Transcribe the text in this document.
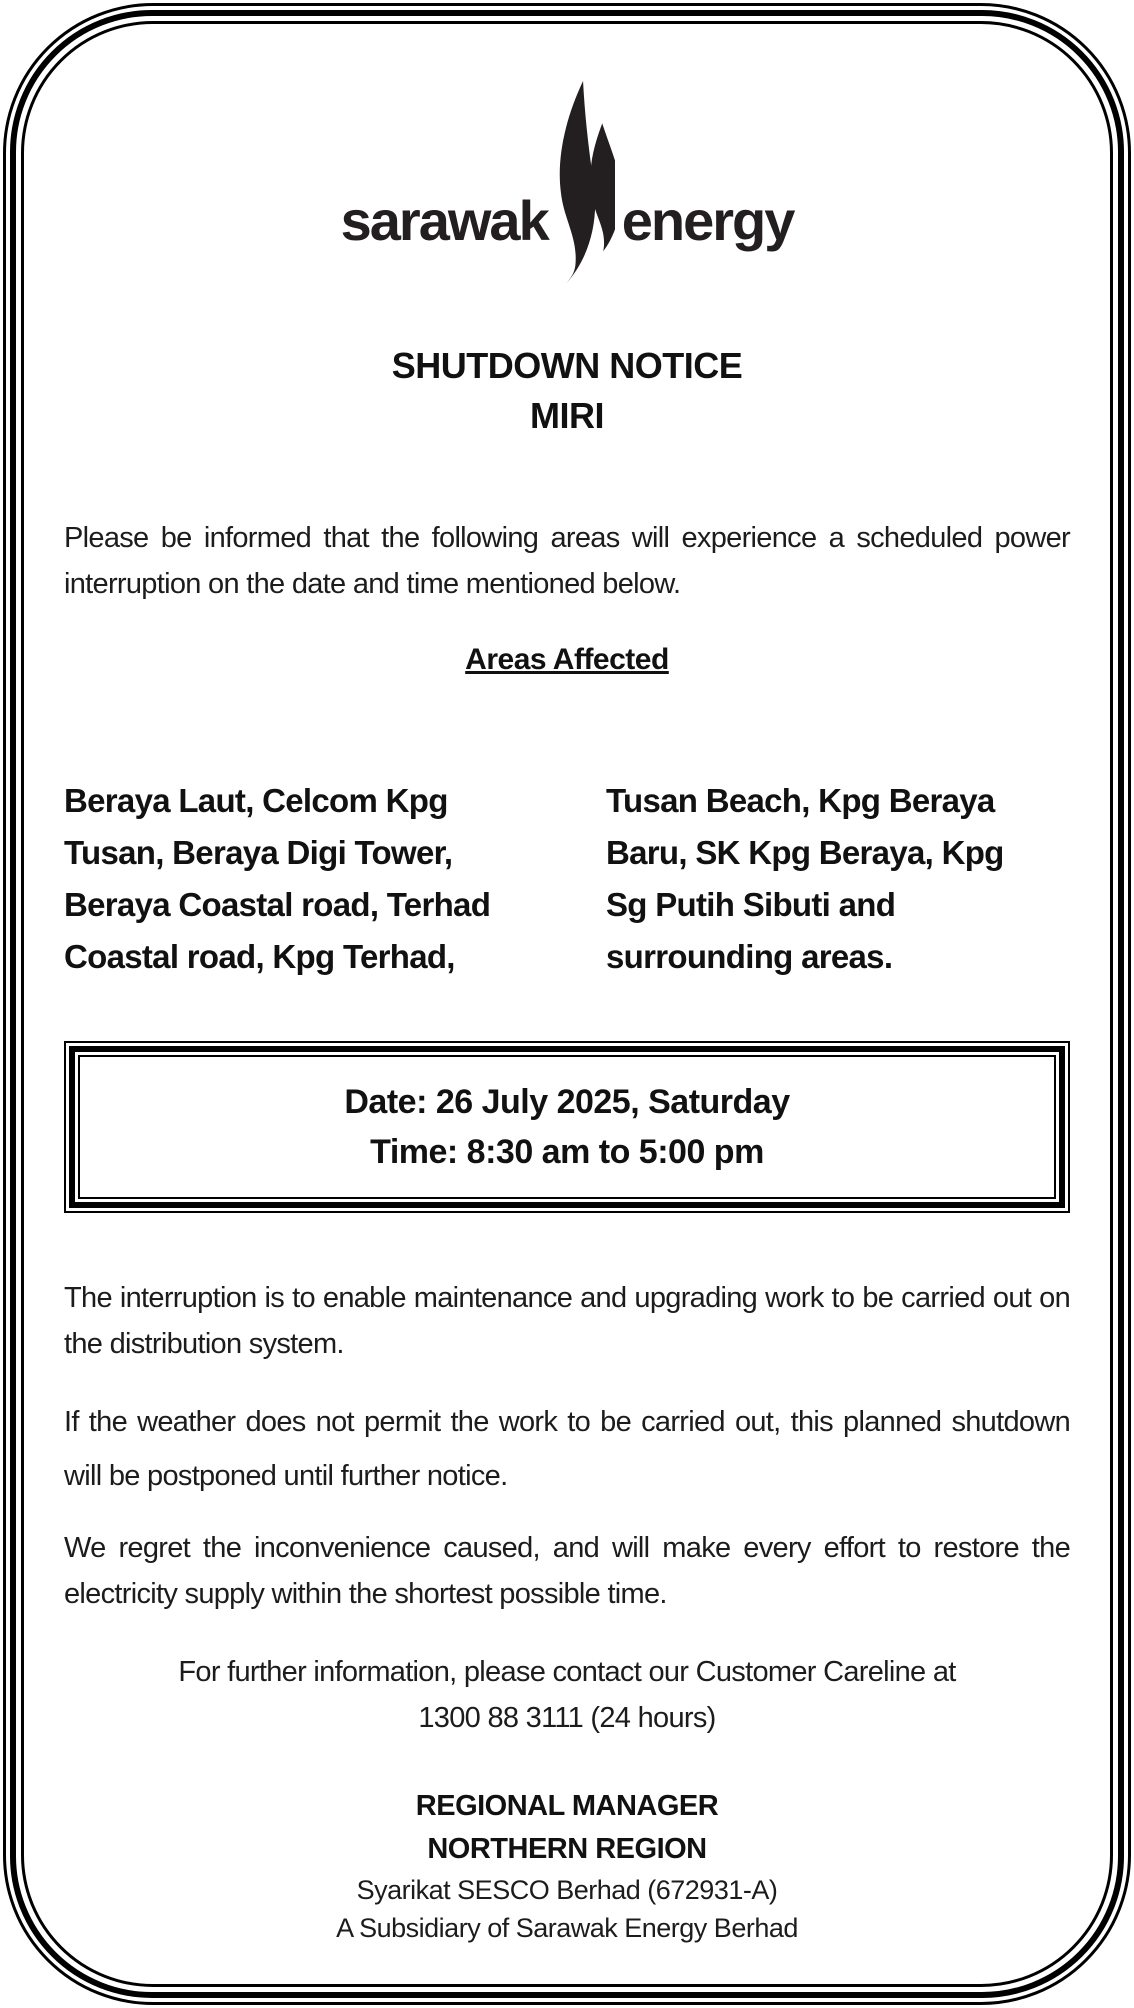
sarawak energy
SHUTDOWN NOTICE
MIRI

Please be informed that the following areas will experience a scheduled power interruption on the date and time mentioned below.

Areas Affected
Beraya Laut, Celcom Kpg
Tusan, Beraya Digi Tower,
Beraya Coastal road, Terhad
Coastal road, Kpg Terhad,
Tusan Beach, Kpg Beraya
Baru, SK Kpg Beraya, Kpg
Sg Putih Sibuti and
surrounding areas.
Date: 26 July 2025, Saturday
Time: 8:30 am to 5:00 pm

The interruption is to enable maintenance and upgrading work to be carried out on the distribution system.

If the weather does not permit the work to be carried out, this planned shutdown will be postponed until further notice.

We regret the inconvenience caused, and will make every effort to restore the electricity supply within the shortest possible time.

For further information, please contact our Customer Careline at
1300 88 3111 (24 hours)
REGIONAL MANAGER
NORTHERN REGION
Syarikat SESCO Berhad (672931-A)
A Subsidiary of Sarawak Energy Berhad
